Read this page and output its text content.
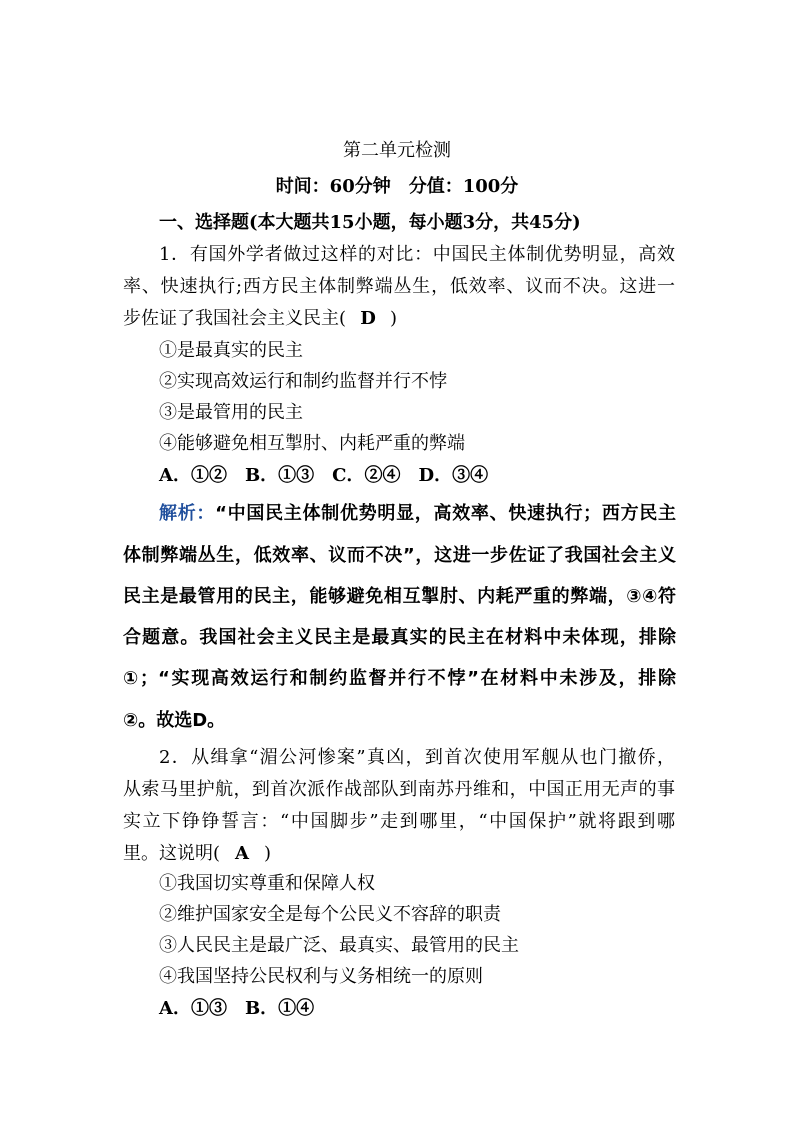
第二单元检测
时间：60分钟　分值：100分
一、选择题(本大题共15小题，每小题3分，共45分)
1．有国外学者做过这样的对比：中国民主体制优势明显，高效
率、快速执行;西方民主体制弊端丛生，低效率、议而不决。这进一
步佐证了我国社会主义民主( D )
①是最真实的民主
②实现高效运行和制约监督并行不悖
③是最管用的民主
④能够避免相互掣肘、内耗严重的弊端
A．①②　B．①③　C．②④　D．③④
解析：“中国民主体制优势明显，高效率、快速执行；西方民主
体制弊端丛生，低效率、议而不决”，这进一步佐证了我国社会主义
民主是最管用的民主，能够避免相互掣肘、内耗严重的弊端，③④符
合题意。我国社会主义民主是最真实的民主在材料中未体现，排除
①；“实现高效运行和制约监督并行不悖”在材料中未涉及，排除
②。故选D。
2．从缉拿“湄公河惨案”真凶，到首次使用军舰从也门撤侨，
从索马里护航，到首次派作战部队到南苏丹维和，中国正用无声的事
实立下铮铮誓言：“中国脚步”走到哪里，“中国保护”就将跟到哪
里。这说明( A )
①我国切实尊重和保障人权
②维护国家安全是每个公民义不容辞的职责
③人民民主是最广泛、最真实、最管用的民主
④我国坚持公民权利与义务相统一的原则
A．①③　B．①④
